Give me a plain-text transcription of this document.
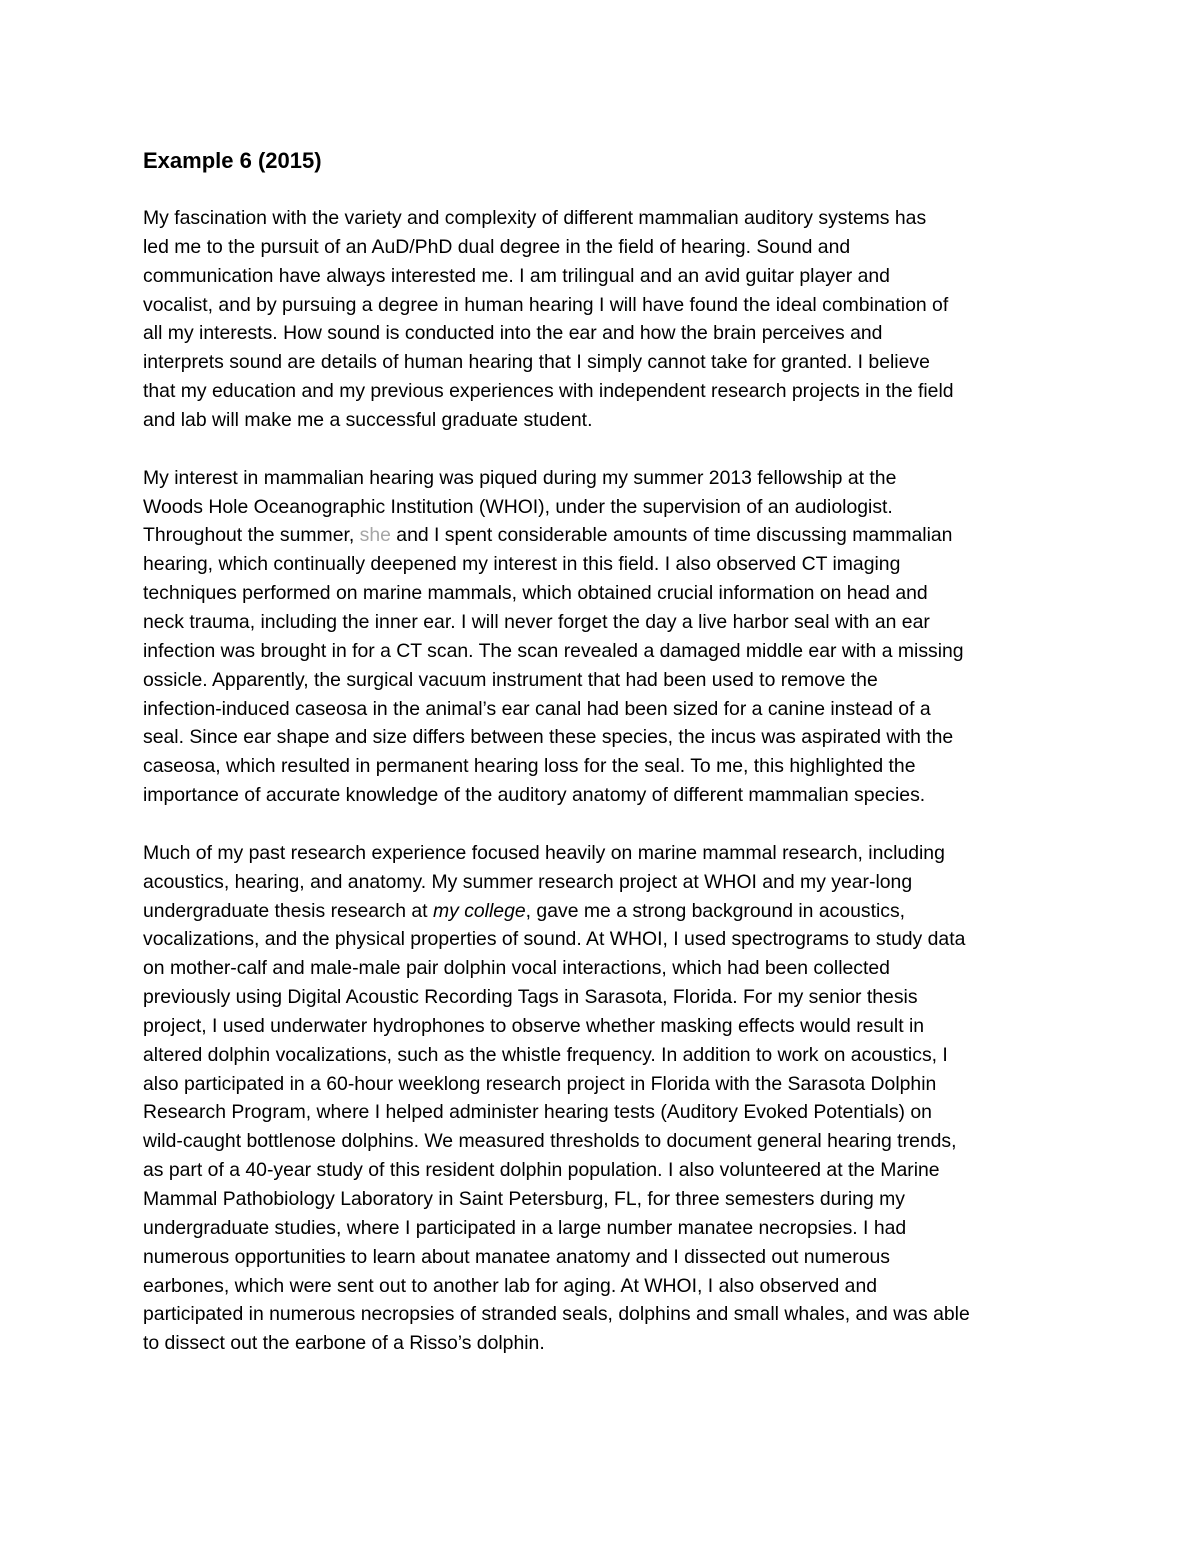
Example 6 (2015)
My fascination with the variety and complexity of different mammalian auditory systems has
led me to the pursuit of an AuD/PhD dual degree in the field of hearing. Sound and
communication have always interested me. I am trilingual and an avid guitar player and
vocalist, and by pursuing a degree in human hearing I will have found the ideal combination of
all my interests. How sound is conducted into the ear and how the brain perceives and
interprets sound are details of human hearing that I simply cannot take for granted. I believe
that my education and my previous experiences with independent research projects in the field
and lab will make me a successful graduate student.
My interest in mammalian hearing was piqued during my summer 2013 fellowship at the
Woods Hole Oceanographic Institution (WHOI), under the supervision of an audiologist.
Throughout the summer, she and I spent considerable amounts of time discussing mammalian
hearing, which continually deepened my interest in this field. I also observed CT imaging
techniques performed on marine mammals, which obtained crucial information on head and
neck trauma, including the inner ear. I will never forget the day a live harbor seal with an ear
infection was brought in for a CT scan. The scan revealed a damaged middle ear with a missing
ossicle. Apparently, the surgical vacuum instrument that had been used to remove the
infection-induced caseosa in the animal’s ear canal had been sized for a canine instead of a
seal. Since ear shape and size differs between these species, the incus was aspirated with the
caseosa, which resulted in permanent hearing loss for the seal. To me, this highlighted the
importance of accurate knowledge of the auditory anatomy of different mammalian species.
Much of my past research experience focused heavily on marine mammal research, including
acoustics, hearing, and anatomy. My summer research project at WHOI and my year-long
undergraduate thesis research at my college, gave me a strong background in acoustics,
vocalizations, and the physical properties of sound. At WHOI, I used spectrograms to study data
on mother-calf and male-male pair dolphin vocal interactions, which had been collected
previously using Digital Acoustic Recording Tags in Sarasota, Florida. For my senior thesis
project, I used underwater hydrophones to observe whether masking effects would result in
altered dolphin vocalizations, such as the whistle frequency. In addition to work on acoustics, I
also participated in a 60-hour weeklong research project in Florida with the Sarasota Dolphin
Research Program, where I helped administer hearing tests (Auditory Evoked Potentials) on
wild-caught bottlenose dolphins. We measured thresholds to document general hearing trends,
as part of a 40-year study of this resident dolphin population. I also volunteered at the Marine
Mammal Pathobiology Laboratory in Saint Petersburg, FL, for three semesters during my
undergraduate studies, where I participated in a large number manatee necropsies. I had
numerous opportunities to learn about manatee anatomy and I dissected out numerous
earbones, which were sent out to another lab for aging. At WHOI, I also observed and
participated in numerous necropsies of stranded seals, dolphins and small whales, and was able
to dissect out the earbone of a Risso’s dolphin.
